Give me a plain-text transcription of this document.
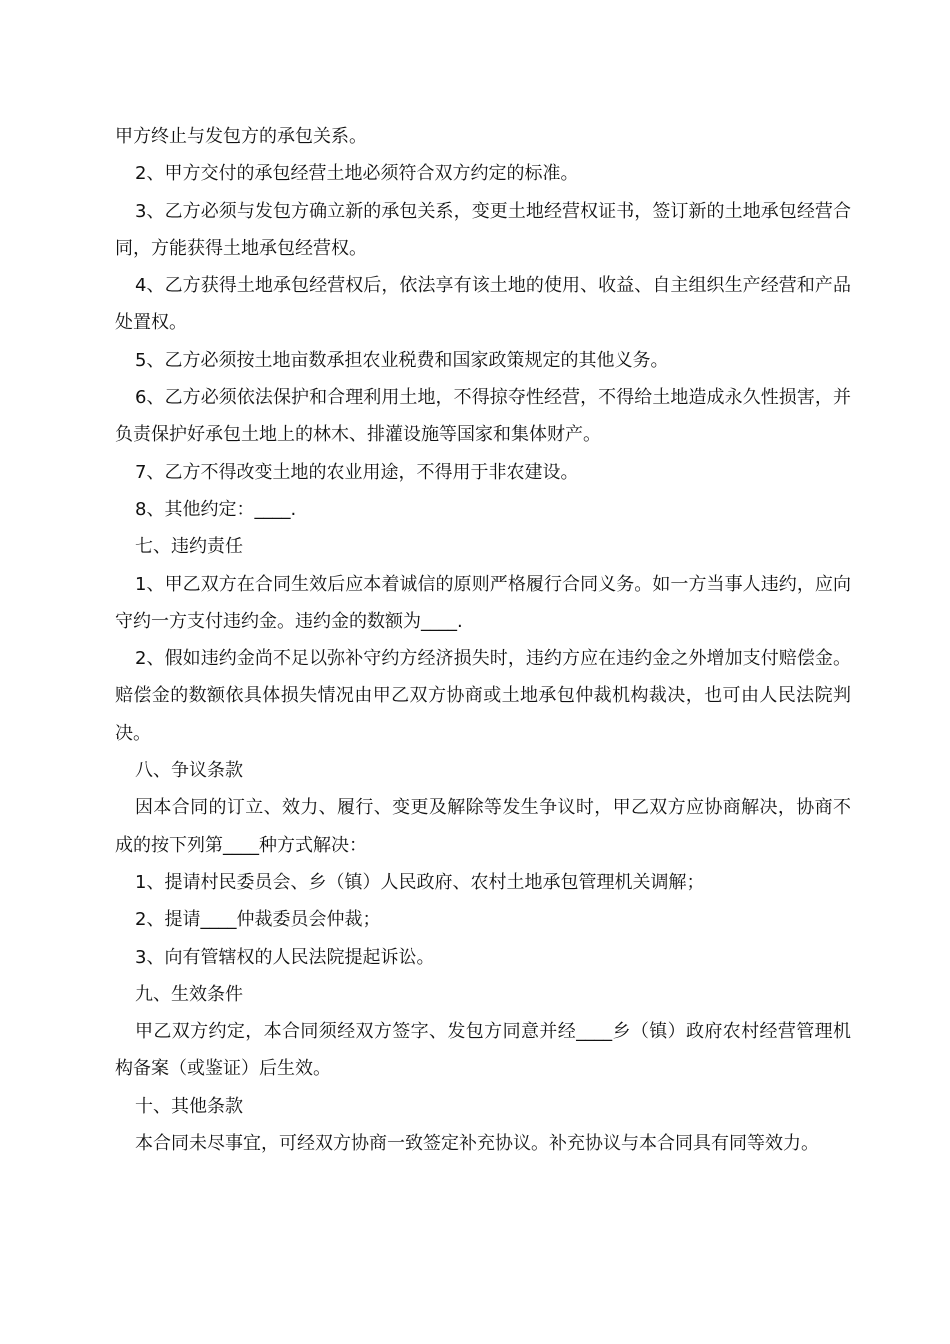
甲方终止与发包方的承包关系。

2、甲方交付的承包经营土地必须符合双方约定的标准。

3、乙方必须与发包方确立新的承包关系，变更土地经营权证书，签订新的土地承包经营合同，方能获得土地承包经营权。

4、乙方获得土地承包经营权后，依法享有该土地的使用、收益、自主组织生产经营和产品处置权。

5、乙方必须按土地亩数承担农业税费和国家政策规定的其他义务。

6、乙方必须依法保护和合理利用土地，不得掠夺性经营，不得给土地造成永久性损害，并负责保护好承包土地上的林木、排灌设施等国家和集体财产。

7、乙方不得改变土地的农业用途，不得用于非农建设。

8、其他约定：____.

七、违约责任

1、甲乙双方在合同生效后应本着诚信的原则严格履行合同义务。如一方当事人违约，应向守约一方支付违约金。违约金的数额为____.

2、假如违约金尚不足以弥补守约方经济损失时，违约方应在违约金之外增加支付赔偿金。赔偿金的数额依具体损失情况由甲乙双方协商或土地承包仲裁机构裁决，也可由人民法院判决。

八、争议条款

因本合同的订立、效力、履行、变更及解除等发生争议时，甲乙双方应协商解决，协商不成的按下列第____种方式解决：

1、提请村民委员会、乡（镇）人民政府、农村土地承包管理机关调解；

2、提请____仲裁委员会仲裁；

3、向有管辖权的人民法院提起诉讼。

九、生效条件

甲乙双方约定，本合同须经双方签字、发包方同意并经____乡（镇）政府农村经营管理机构备案（或鉴证）后生效。

十、其他条款

本合同未尽事宜，可经双方协商一致签定补充协议。补充协议与本合同具有同等效力。
